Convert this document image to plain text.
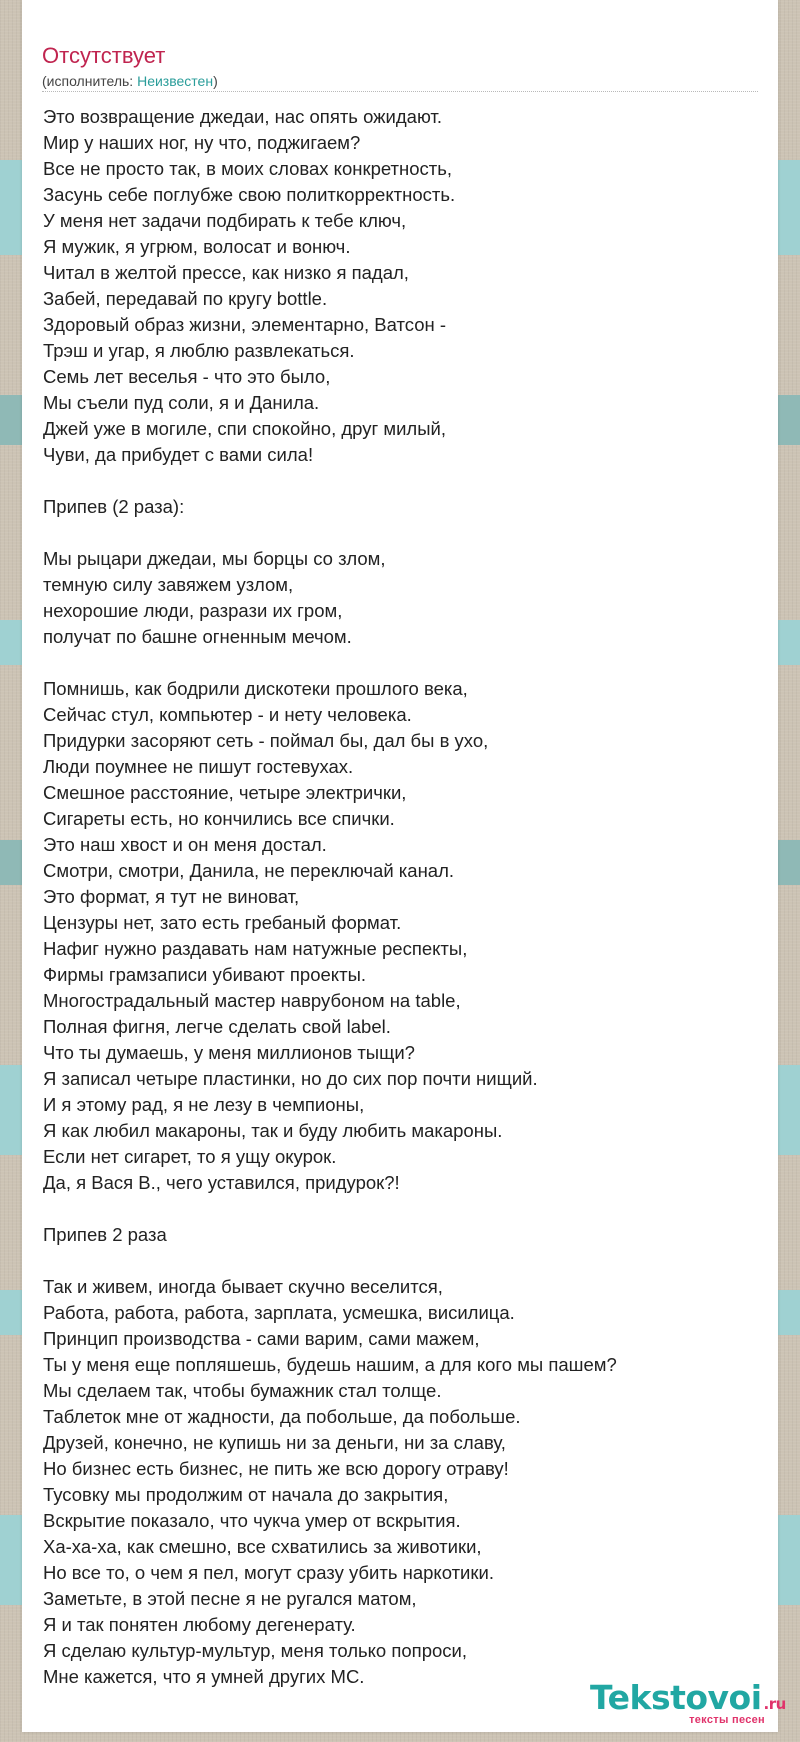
Отсутствует
(исполнитель: Неизвестен)
Это возвращение джедаи, нас опять ожидают.
Мир у наших ног, ну что, поджигаем?
Все не просто так, в моих словах конкретность,
Засунь себе поглубже свою политкорректность.
У меня нет задачи подбирать к тебе ключ,
Я мужик, я угрюм, волосат и вонюч.
Читал в желтой прессе, как низко я падал,
Забей, передавай по кругу bottle.
Здоровый образ жизни, элементарно, Ватсон -
Трэш и угар, я люблю развлекаться.
Семь лет веселья - что это было,
Мы съели пуд соли, я и Данила.
Джей уже в могиле, спи спокойно, друг милый,
Чуви, да прибудет с вами сила!
Припев (2 раза):
Мы рыцари джедаи, мы борцы со злом,
темную силу завяжем узлом,
нехорошие люди, разрази их гром,
получат по башне огненным мечом.
Помнишь, как бодрили дискотеки прошлого века,
Сейчас стул, компьютер - и нету человека.
Придурки засоряют сеть - поймал бы, дал бы в ухо,
Люди поумнее не пишут гостевухах.
Смешное расстояние, четыре электрички,
Сигареты есть, но кончились все спички.
Это наш хвост и он меня достал.
Смотри, смотри, Данила, не переключай канал.
Это формат, я тут не виноват,
Цензуры нет, зато есть гребаный формат.
Нафиг нужно раздавать нам натужные респекты,
Фирмы грамзаписи убивают проекты.
Многострадальный мастер наврубоном на table,
Полная фигня, легче сделать свой label.
Что ты думаешь, у меня миллионов тыщи?
Я записал четыре пластинки, но до сих пор почти нищий.
И я этому рад, я не лезу в чемпионы,
Я как любил макароны, так и буду любить макароны.
Если нет сигарет, то я ущу окурок.
Да, я Вася В., чего уставился, придурок?!
Припев 2 раза
Так и живем, иногда бывает скучно веселится,
Работа, работа, работа, зарплата, усмешка, висилица.
Принцип производства - сами варим, сами мажем,
Ты у меня еще попляшешь, будешь нашим, а для кого мы пашем?
Мы сделаем так, чтобы бумажник стал толще.
Таблеток мне от жадности, да побольше, да побольше.
Друзей, конечно, не купишь ни за деньги, ни за славу,
Но бизнес есть бизнес, не пить же всю дорогу отраву!
Тусовку мы продолжим от начала до закрытия,
Вскрытие показало, что чукча умер от вскрытия.
Ха-ха-ха, как смешно, все схватились за животики,
Но все то, о чем я пел, могут сразу убить наркотики.
Заметьте, в этой песне я не ругался матом,
Я и так понятен любому дегенерату.
Я сделаю культур-мультур, меня только попроси,
Мне кажется, что я умней других МС.
Tekstovoi .ru
тексты песен
